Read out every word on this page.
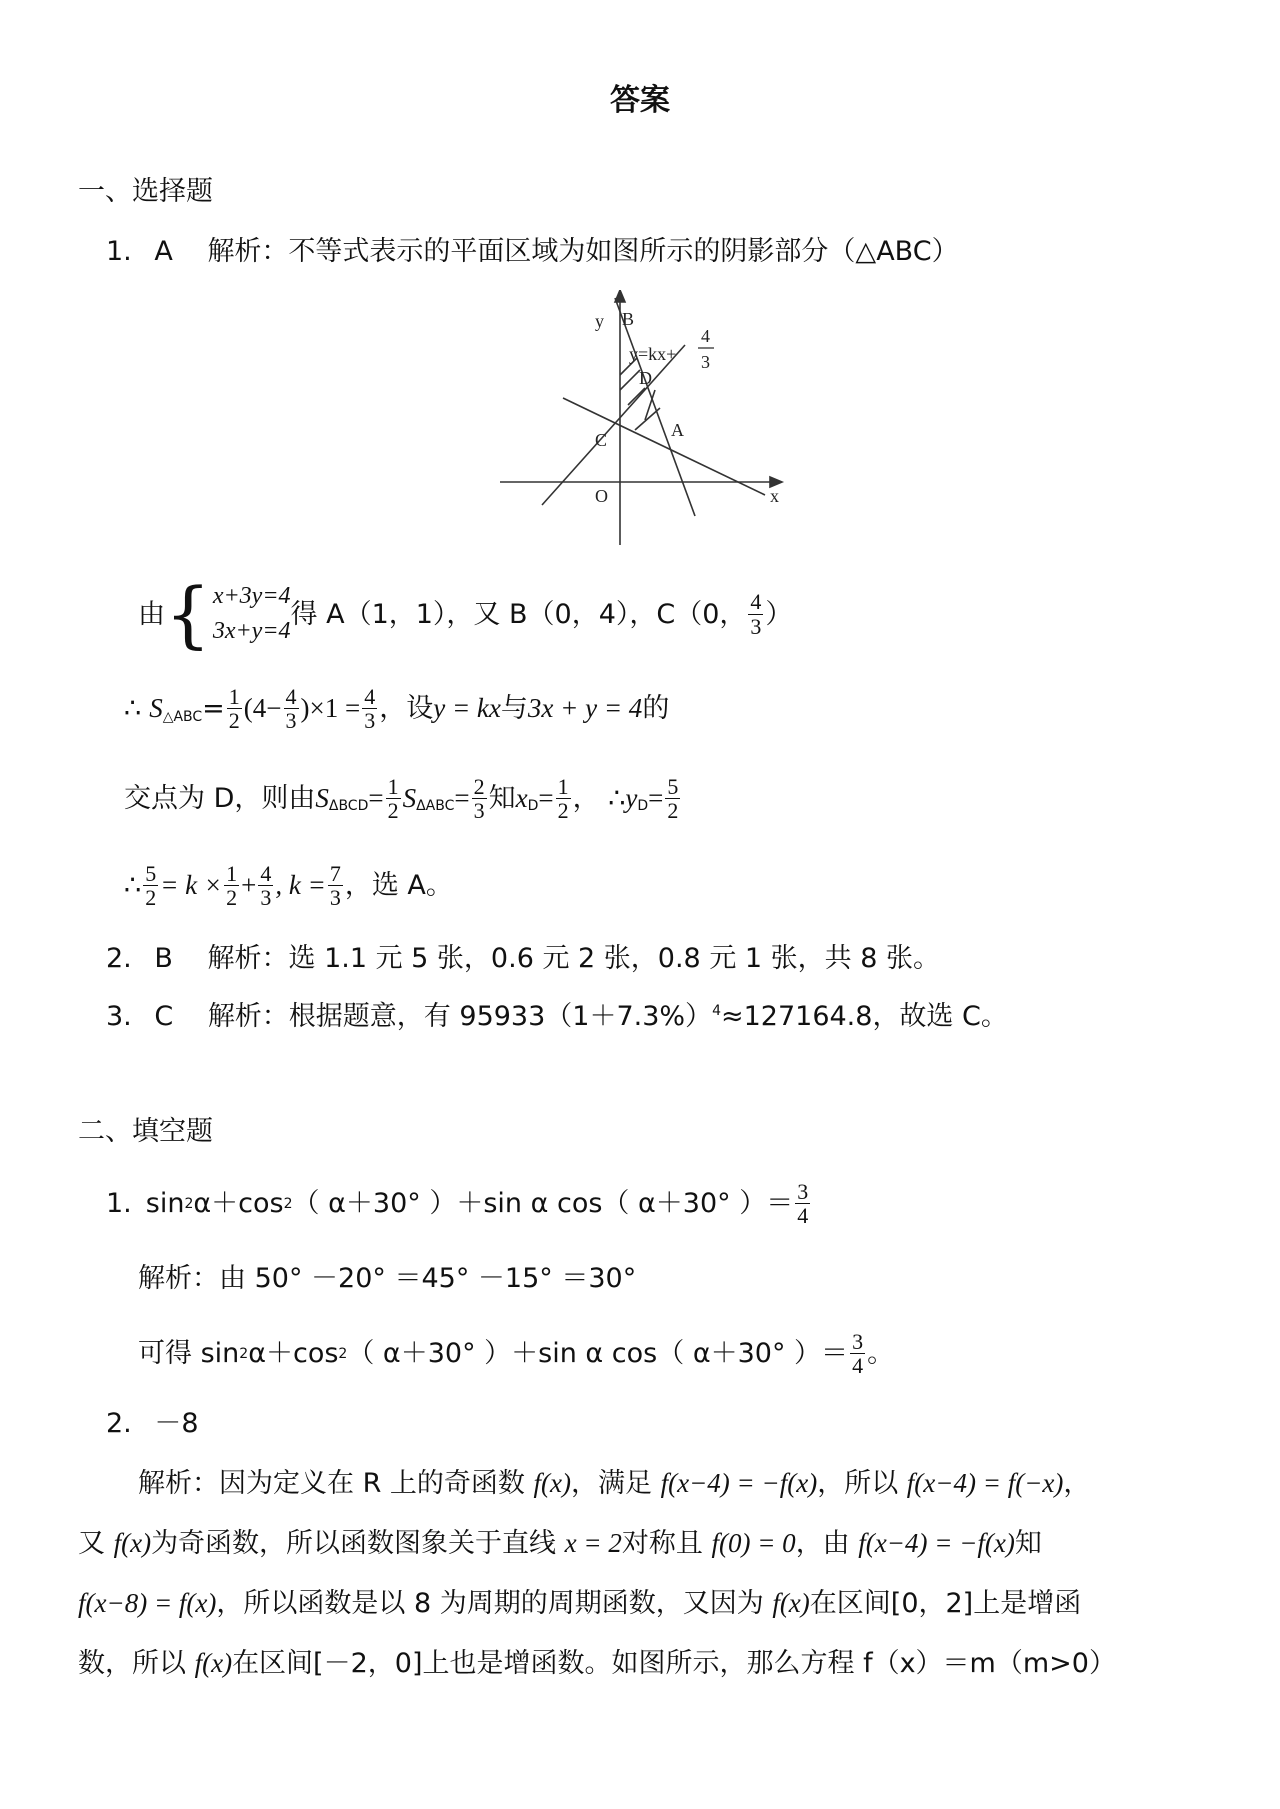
答案
一、选择题
1. A 解析：不等式表示的平面区域为如图所示的阴影部分（△ABC）
y B
y=kx+
4
3
D
A
C
O	x
由 { x+3y=4
3x+y=4
得 A（1，1），又 B（0，4），C（0， $\frac{4}{3}$ ）
∴ $S_{\triangle ABC} = \frac{1}{2} (4- \frac{4}{3} )\times 1 = \frac{4}{3}$ ，设 y = kx 与 3x + y = 4 的
交点为 D，则由 $S_{\Delta BCD} = \frac{1}{2} S_{\Delta ABC} = \frac{2}{3}$ 知 $x_D = \frac{1}{2}$ ， ∴ $y_D = \frac{5}{2}$
∴ $\frac{5}{2} = k \times \frac{1}{2} + \frac{4}{3}$ , $k = \frac{7}{3}$ ，选 A。
2. B 解析：选 1.1 元 5 张，0.6 元 2 张，0.8 元 1 张，共 8 张。
3. C 解析：根据题意，有 $95933(1+7.3\%)^4\approx 127164.8$，故选 C。
二、填空题
1. sin 2 α＋cos 2 （ α＋30° ）＋sin α cos（ α＋30° ）＝ $\frac{3}{4}$
解析：由 50° －20° ＝45° －15° ＝30°
可得 sin 2 α＋cos 2 （ α＋30° ）＋sin α cos（ α＋30° ）＝ $\frac{3}{4}$ 。
2. －8
解析：因为定义在 R 上的奇函数 f(x)，满足 f(x−4) = −f(x)，所以 f(x−4) = f(−x)，
又 f(x)为奇函数，所以函数图象关于直线 x = 2对称且 f(0) = 0，由 f(x−4) = −f(x)知
f(x−8) = f(x)，所以函数是以 8 为周期的周期函数，又因为 f(x)在区间[0，2]上是增函
数，所以 f(x)在区间[－2，0]上也是增函数。如图所示，那么方程 f（x）＝m（m>0）
